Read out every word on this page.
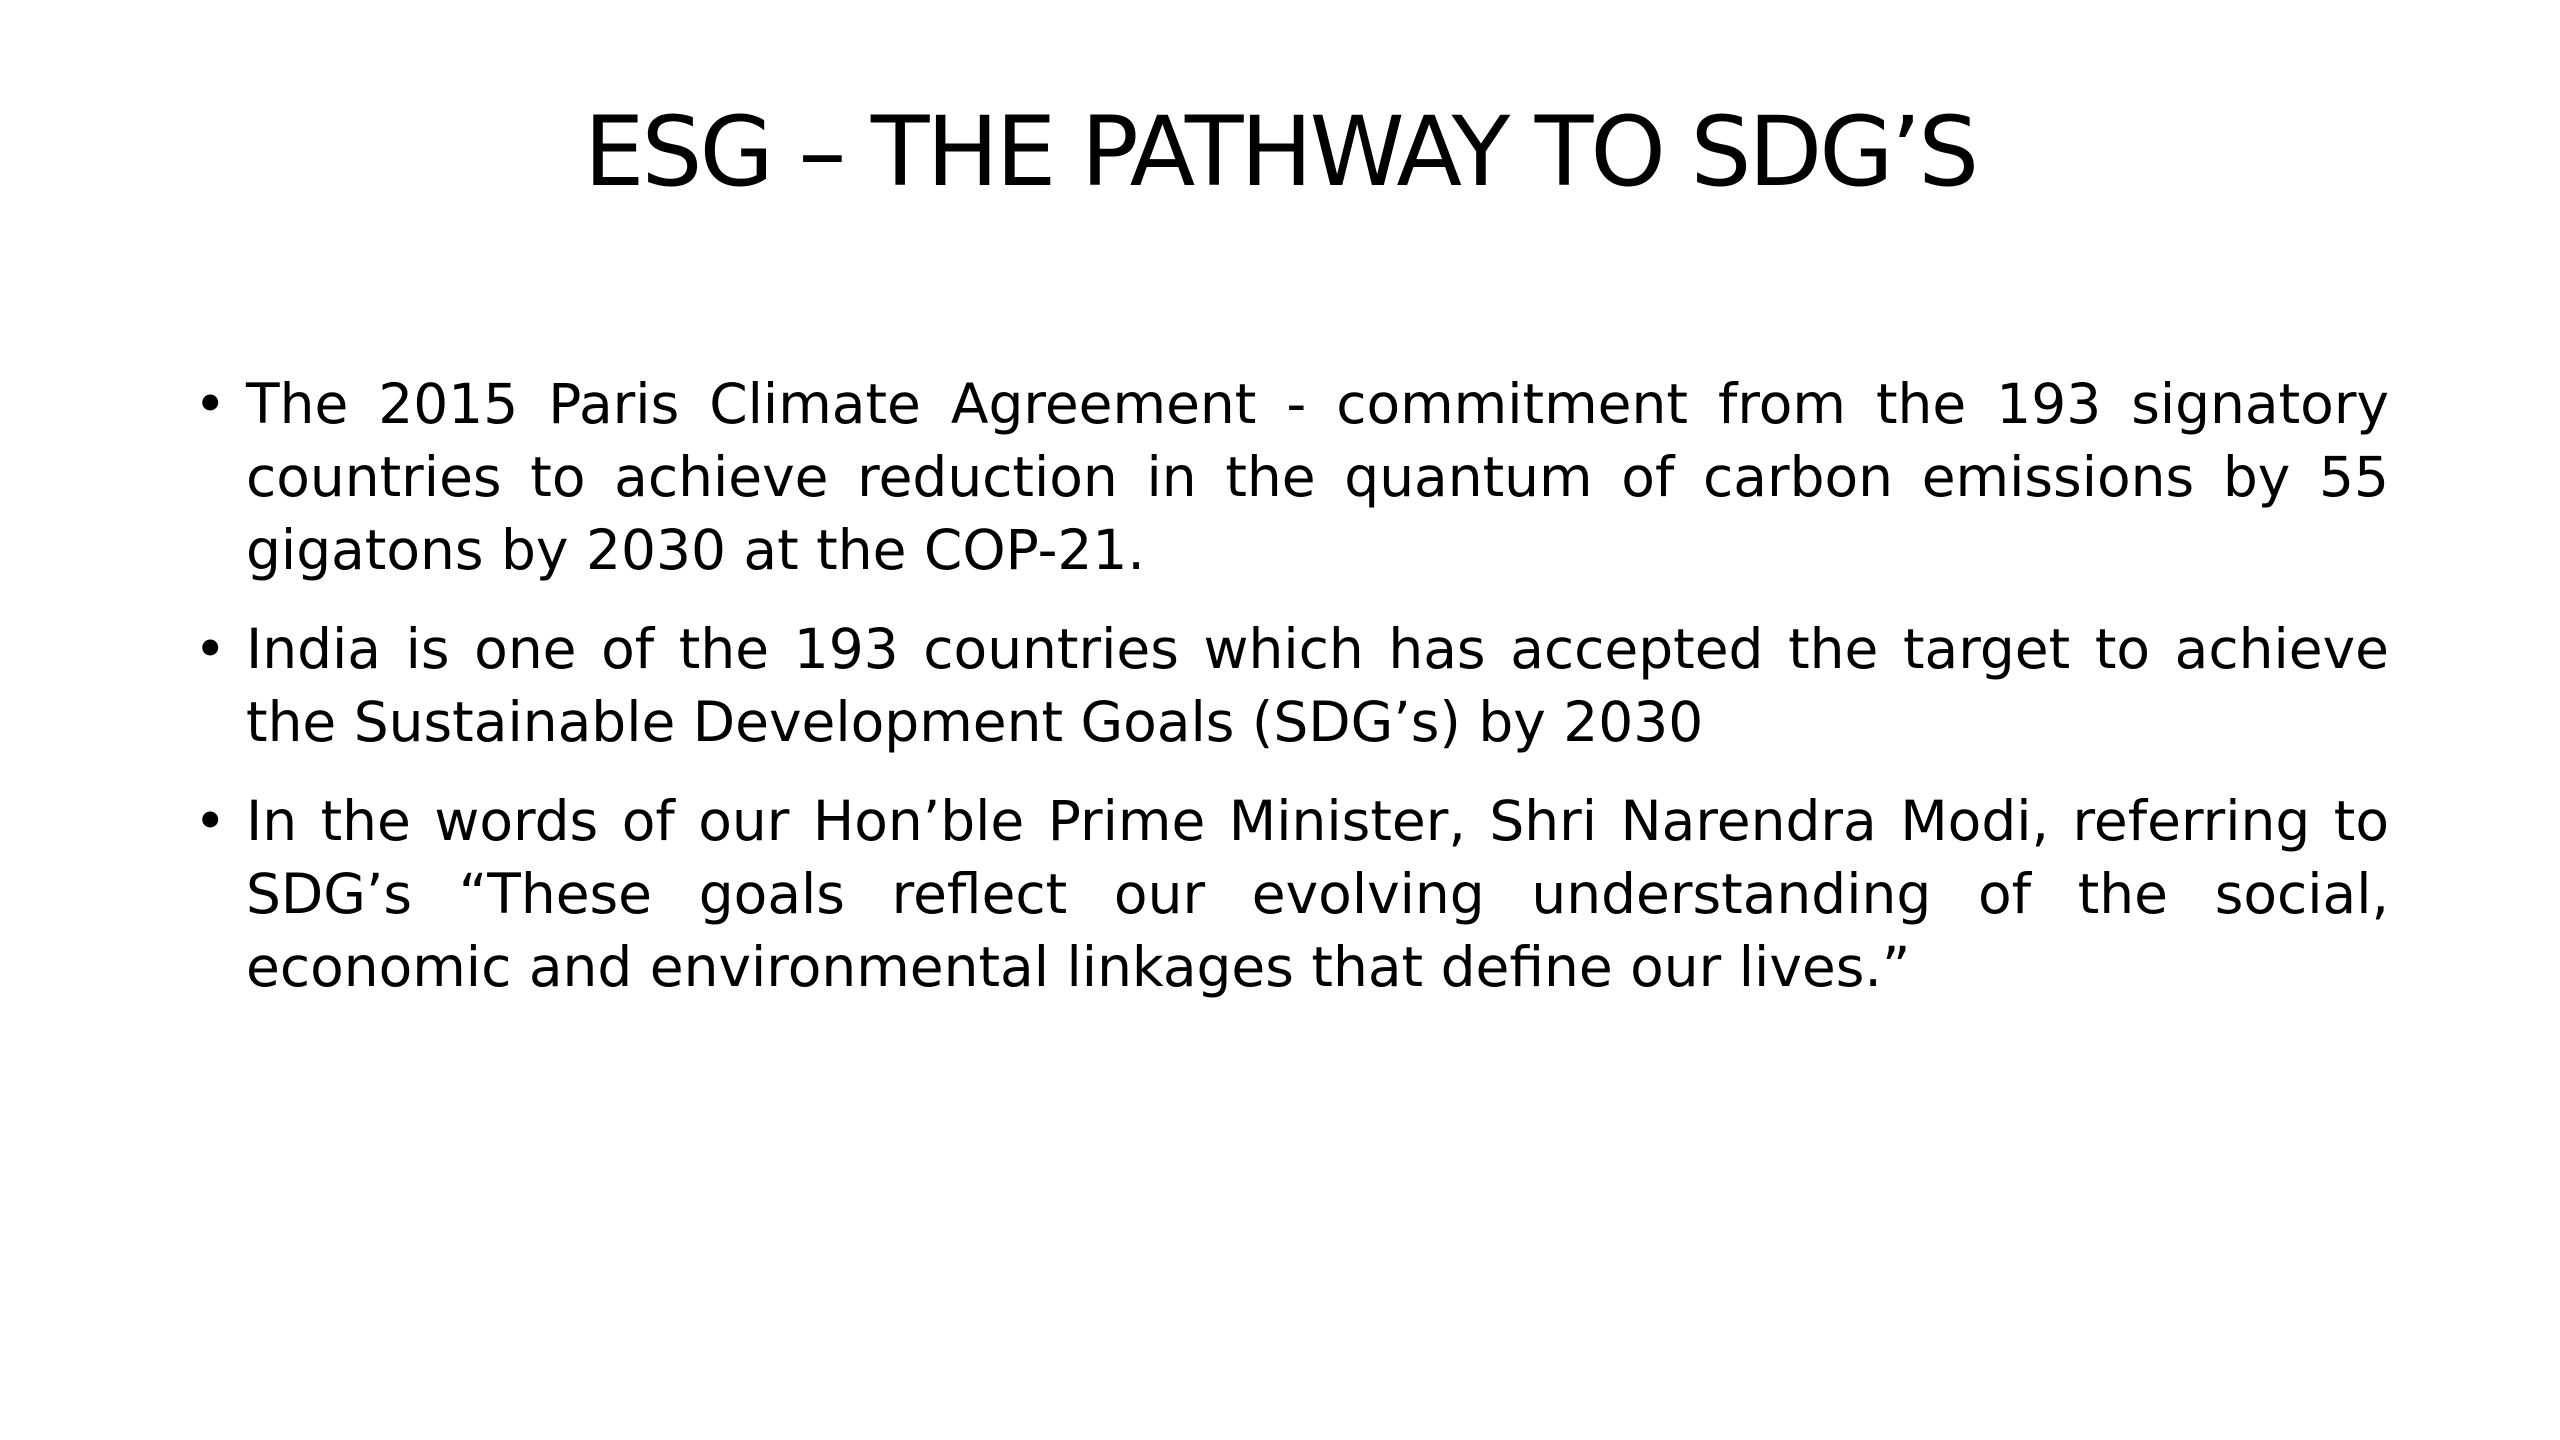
ESG – THE PATHWAY TO SDG’S
• The 2015 Paris Climate Agreement - commitment from the 193 signatory countries to achieve reduction in the quantum of carbon emissions by 55 gigatons by 2030 at the COP-21.
• India is one of the 193 countries which has accepted the target to achieve the Sustainable Development Goals (SDG’s) by 2030
• In the words of our Hon’ble Prime Minister, Shri Narendra Modi, referring to SDG’s “These goals reflect our evolving understanding of the social, economic and environmental linkages that define our lives.”
